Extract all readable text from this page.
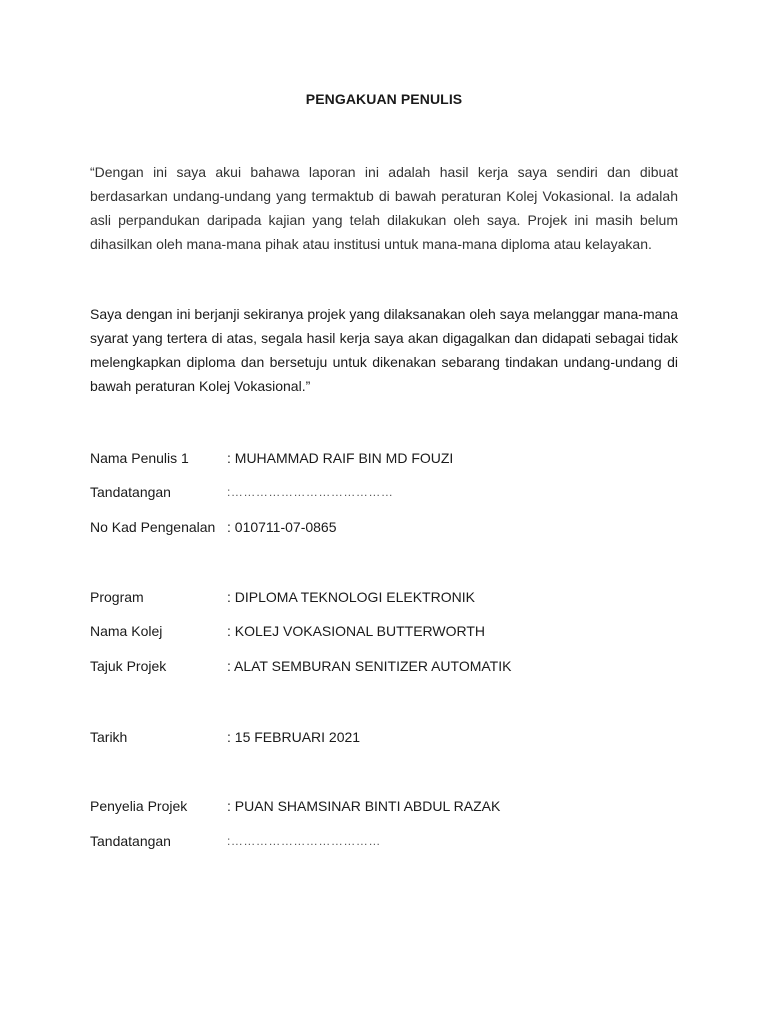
PENGAKUAN PENULIS
“Dengan ini saya akui bahawa laporan ini adalah hasil kerja saya sendiri dan dibuat berdasarkan undang-undang yang termaktub di bawah peraturan Kolej Vokasional. Ia adalah asli perpandukan daripada kajian yang telah dilakukan oleh saya. Projek ini masih belum dihasilkan oleh mana-mana pihak atau institusi untuk mana-mana diploma atau kelayakan.
Saya dengan ini berjanji sekiranya projek yang dilaksanakan oleh saya melanggar mana-mana syarat yang tertera di atas, segala hasil kerja saya akan digagalkan dan didapati sebagai tidak melengkapkan diploma dan bersetuju untuk dikenakan sebarang tindakan undang-undang di bawah peraturan Kolej Vokasional.”
Nama Penulis 1	: MUHAMMAD RAIF BIN MD FOUZI
Tandatangan	:…………………………………
No Kad Pengenalan : 010711-07-0865
Program	: DIPLOMA TEKNOLOGI ELEKTRONIK
Nama Kolej	: KOLEJ VOKASIONAL BUTTERWORTH
Tajuk Projek	: ALAT SEMBURAN SENITIZER AUTOMATIK
Tarikh	: 15 FEBRUARI 2021
Penyelia Projek	: PUAN SHAMSINAR BINTI ABDUL RAZAK
Tandatangan	:………………………………
